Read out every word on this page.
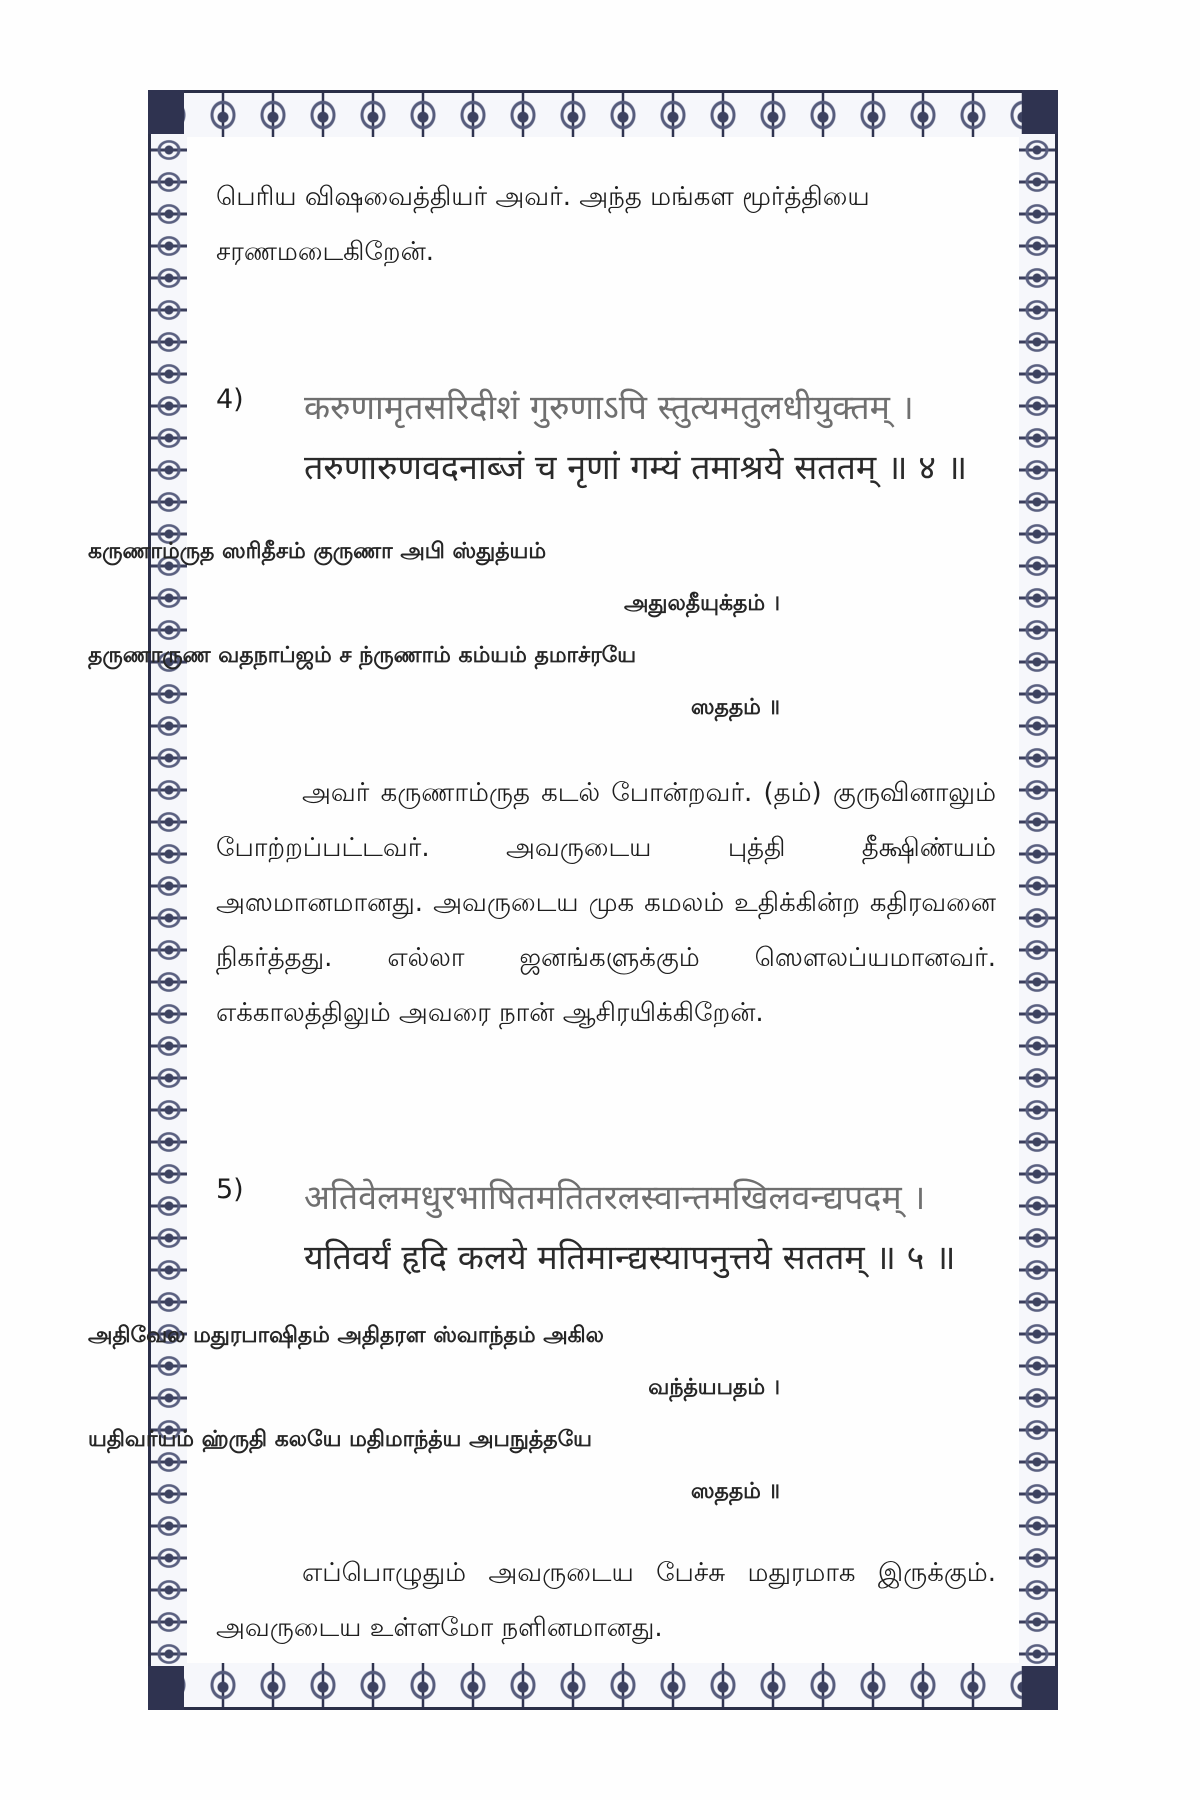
பெரிய விஷவைத்தியர் அவர். அந்த மங்கள மூர்த்தியை
சரணமடைகிறேன்.
4) करुणामृतसरिदीशं गुरुणाऽपि स्तुत्यमतुलधीयुक्तम् ।
तरुणारुणवदनाब्जं च नृणां गम्यं तमाश्रये सततम् ॥ ४ ॥
கருணாம்ருத ஸரிதீசம் குருணா அபி ஸ்துத்யம்
அதுலதீயுக்தம் ।
தருணாருண வதநாப்ஜம் ச ந்ருணாம் கம்யம் தமாச்ரயே
ஸததம் ॥

அவர் கருணாம்ருத கடல் போன்றவர். (தம்) குருவினாலும் போற்றப்பட்டவர். அவருடைய புத்தி தீக்ஷிண்யம் அஸமானமானது. அவருடைய முக கமலம் உதிக்கின்ற கதிரவனை நிகர்த்தது. எல்லா ஜனங்களுக்கும் ஸௌலப்யமானவர். எக்காலத்திலும் அவரை நான் ஆசிரயிக்கிறேன்.

5) अतिवेलमधुरभाषितमतितरलस्वान्तमखिलवन्द्यपदम् ।
यतिवर्यं हृदि कलये मतिमान्द्यस्यापनुत्तये सततम् ॥ ५ ॥
அதிவேல மதுரபாஷிதம் அதிதரள ஸ்வாந்தம் அகில
வந்த்யபதம் ।
யதிவர்யம் ஹ்ருதி கலயே மதிமாந்த்ய அபநுத்தயே
ஸததம் ॥

எப்பொழுதும் அவருடைய பேச்சு மதுரமாக இருக்கும். அவருடைய உள்ளமோ நளினமானது.
